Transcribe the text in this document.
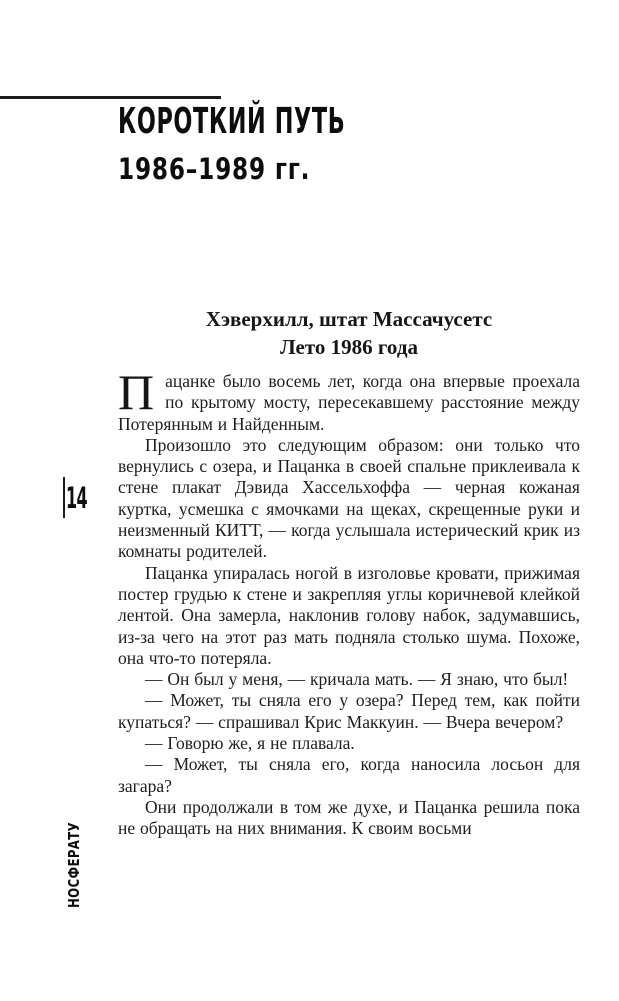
КОРОТКИЙ ПУТЬ
1986–1989 гг.
14
НОСФЕРАТУ
Хэверхилл, штат Массачусетс
Лето 1986 года

Пацанке было восемь лет, когда она впервые проехала по крытому мосту, пересекавшему расстояние между Потерянным и Найденным.

Произошло это следующим образом: они только что вернулись с озера, и Пацанка в своей спальне приклеивала к стене плакат Дэвида Хассельхоффа — черная кожаная куртка, усмешка с ямочками на щеках, скрещенные руки и неизменный КИТТ, — когда услышала истерический крик из комнаты родителей.

Пацанка упиралась ногой в изголовье кровати, прижимая постер грудью к стене и закрепляя углы коричневой клейкой лентой. Она замерла, наклонив голову набок, задумавшись, из-за чего на этот раз мать подняла столько шума. Похоже, она что-то потеряла.

— Он был у меня, — кричала мать. — Я знаю, что был!

— Может, ты сняла его у озера? Перед тем, как пойти купаться? — спрашивал Крис Маккуин. — Вчера вечером?

— Говорю же, я не плавала.

— Может, ты сняла его, когда наносила лосьон для загара?

Они продолжали в том же духе, и Пацанка решила пока не обращать на них внимания. К своим восьми
